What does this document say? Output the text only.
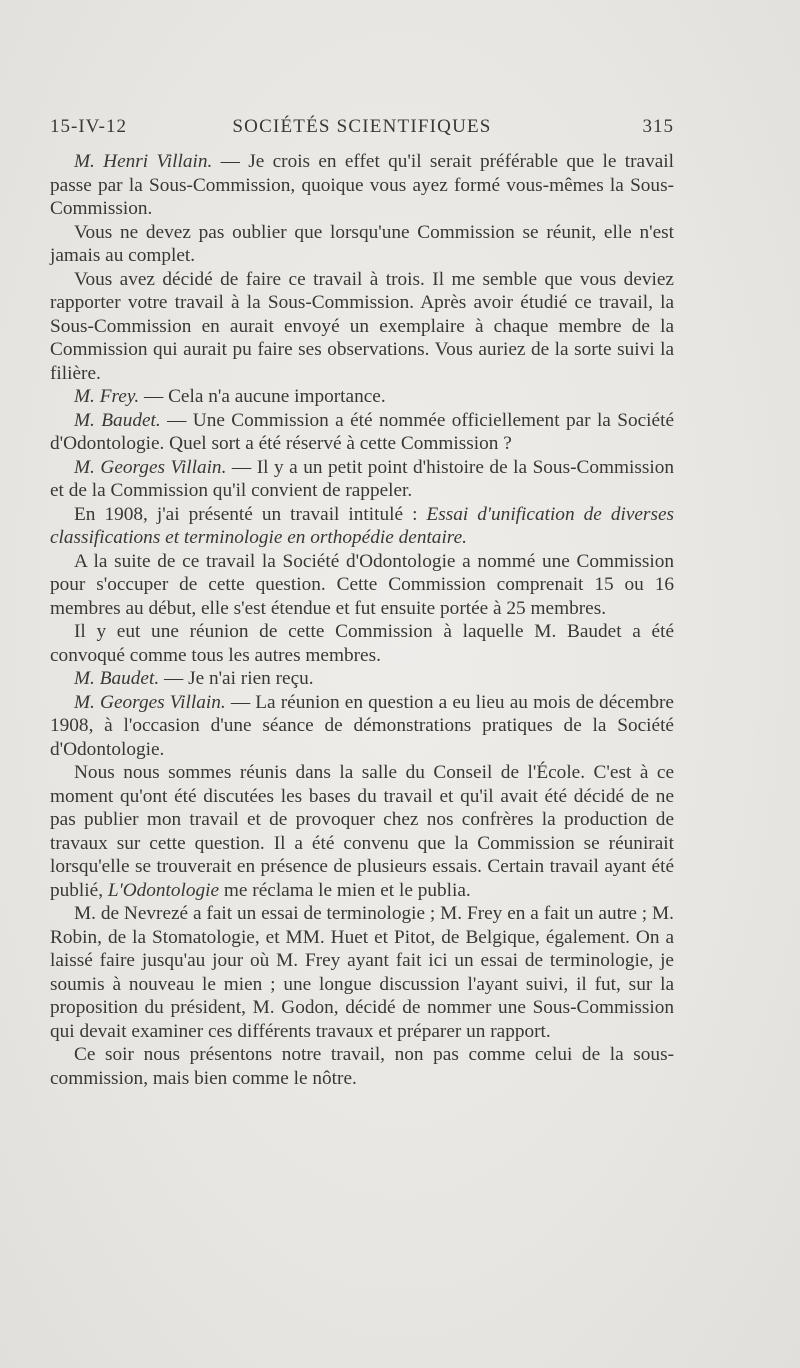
15-IV-12	SOCIÉTÉS SCIENTIFIQUES	315

M. Henri Villain. — Je crois en effet qu'il serait préférable que le travail passe par la Sous-Commission, quoique vous ayez formé vous-mêmes la Sous-Commission.

Vous ne devez pas oublier que lorsqu'une Commission se réunit, elle n'est jamais au complet.

Vous avez décidé de faire ce travail à trois. Il me semble que vous deviez rapporter votre travail à la Sous-Commission. Après avoir étudié ce travail, la Sous-Commission en aurait envoyé un exemplaire à chaque membre de la Commission qui aurait pu faire ses observations. Vous auriez de la sorte suivi la filière.

M. Frey. — Cela n'a aucune importance.

M. Baudet. — Une Commission a été nommée officiellement par la Société d'Odontologie. Quel sort a été réservé à cette Commission ?

M. Georges Villain. — Il y a un petit point d'histoire de la Sous-Commission et de la Commission qu'il convient de rappeler.

En 1908, j'ai présenté un travail intitulé : Essai d'unification de diverses classifications et terminologie en orthopédie dentaire.

A la suite de ce travail la Société d'Odontologie a nommé une Commission pour s'occuper de cette question. Cette Commission comprenait 15 ou 16 membres au début, elle s'est étendue et fut ensuite portée à 25 membres.

Il y eut une réunion de cette Commission à laquelle M. Baudet a été convoqué comme tous les autres membres.

M. Baudet. — Je n'ai rien reçu.

M. Georges Villain. — La réunion en question a eu lieu au mois de décembre 1908, à l'occasion d'une séance de démonstrations pratiques de la Société d'Odontologie.

Nous nous sommes réunis dans la salle du Conseil de l'École. C'est à ce moment qu'ont été discutées les bases du travail et qu'il avait été décidé de ne pas publier mon travail et de provoquer chez nos confrères la production de travaux sur cette question. Il a été convenu que la Commission se réunirait lorsqu'elle se trouverait en présence de plusieurs essais. Certain travail ayant été publié, L'Odontologie me réclama le mien et le publia.

M. de Nevrezé a fait un essai de terminologie ; M. Frey en a fait un autre ; M. Robin, de la Stomatologie, et MM. Huet et Pitot, de Belgique, également. On a laissé faire jusqu'au jour où M. Frey ayant fait ici un essai de terminologie, je soumis à nouveau le mien ; une longue discussion l'ayant suivi, il fut, sur la proposition du président, M. Godon, décidé de nommer une Sous-Commission qui devait examiner ces différents travaux et préparer un rapport.

Ce soir nous présentons notre travail, non pas comme celui de la sous-commission, mais bien comme le nôtre.
